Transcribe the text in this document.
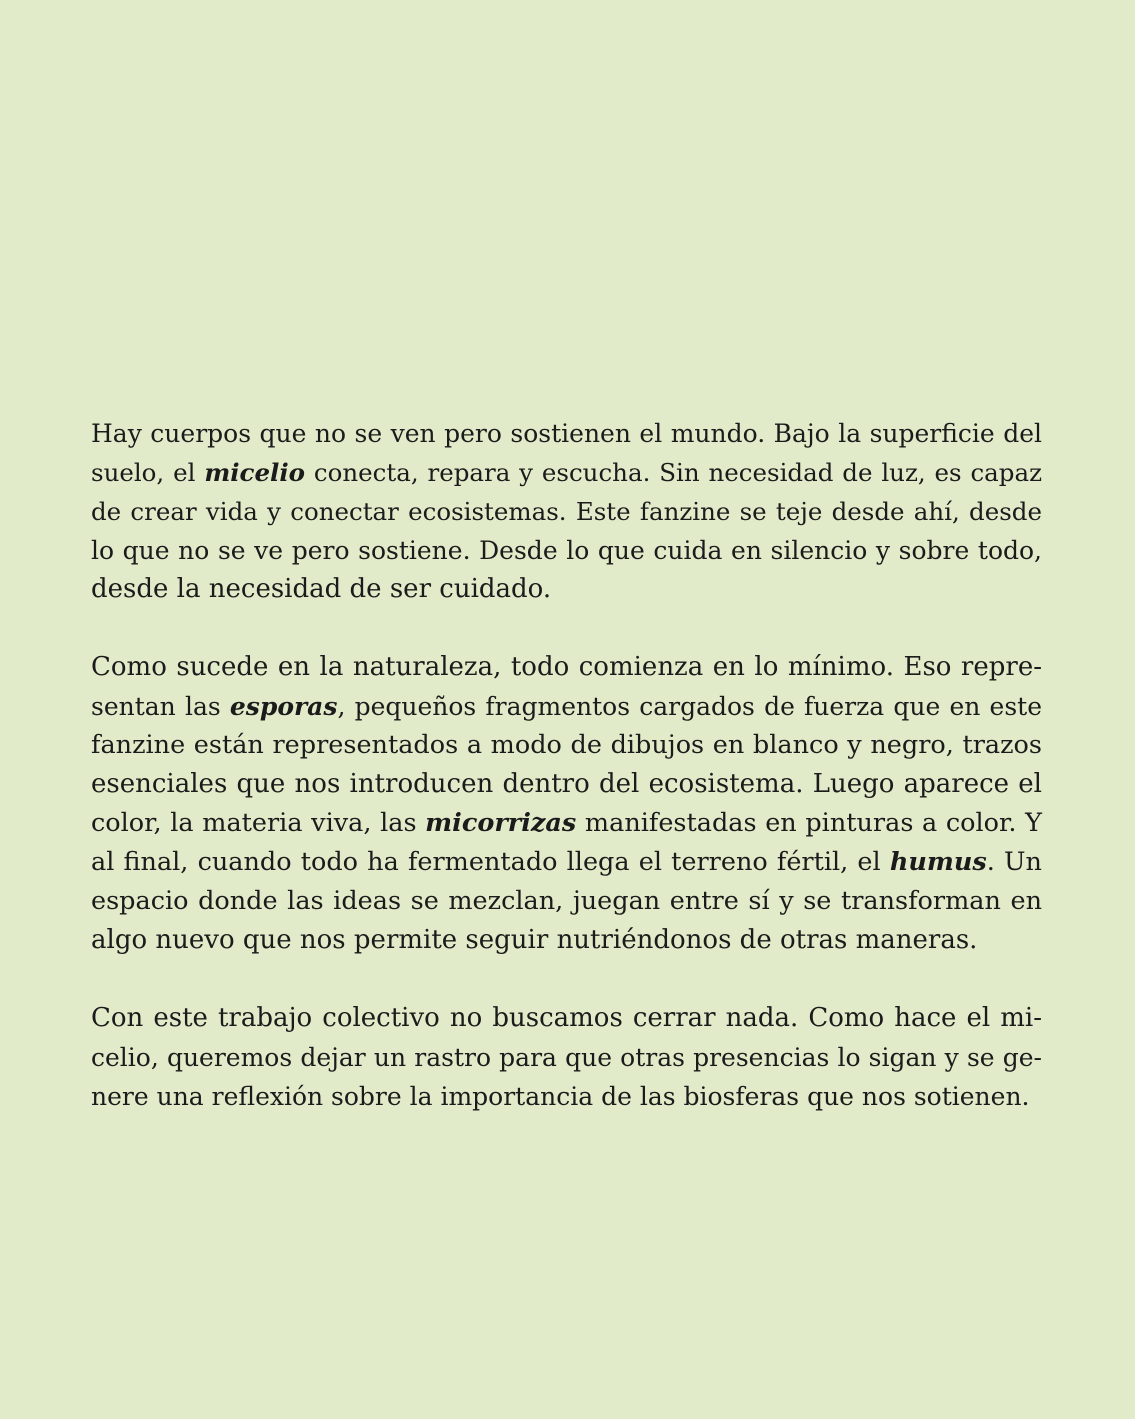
Hay cuerpos que no se ven pero sostienen el mundo. Bajo la superficie del
suelo, el micelio conecta, repara y escucha. Sin necesidad de luz, es capaz
de crear vida y conectar ecosistemas. Este fanzine se teje desde ahí, desde
lo que no se ve pero sostiene. Desde lo que cuida en silencio y sobre todo,
desde la necesidad de ser cuidado.
Como sucede en la naturaleza, todo comienza en lo mínimo. Eso repre-
sentan las esporas, pequeños fragmentos cargados de fuerza que en este
fanzine están representados a modo de dibujos en blanco y negro, trazos
esenciales que nos introducen dentro del ecosistema. Luego aparece el
color, la materia viva, las micorrizas manifestadas en pinturas a color. Y
al final, cuando todo ha fermentado llega el terreno fértil, el humus. Un
espacio donde las ideas se mezclan, juegan entre sí y se transforman en
algo nuevo que nos permite seguir nutriéndonos de otras maneras.
Con este trabajo colectivo no buscamos cerrar nada. Como hace el mi-
celio, queremos dejar un rastro para que otras presencias lo sigan y se ge-
nere una reflexión sobre la importancia de las biosferas que nos sotienen.
